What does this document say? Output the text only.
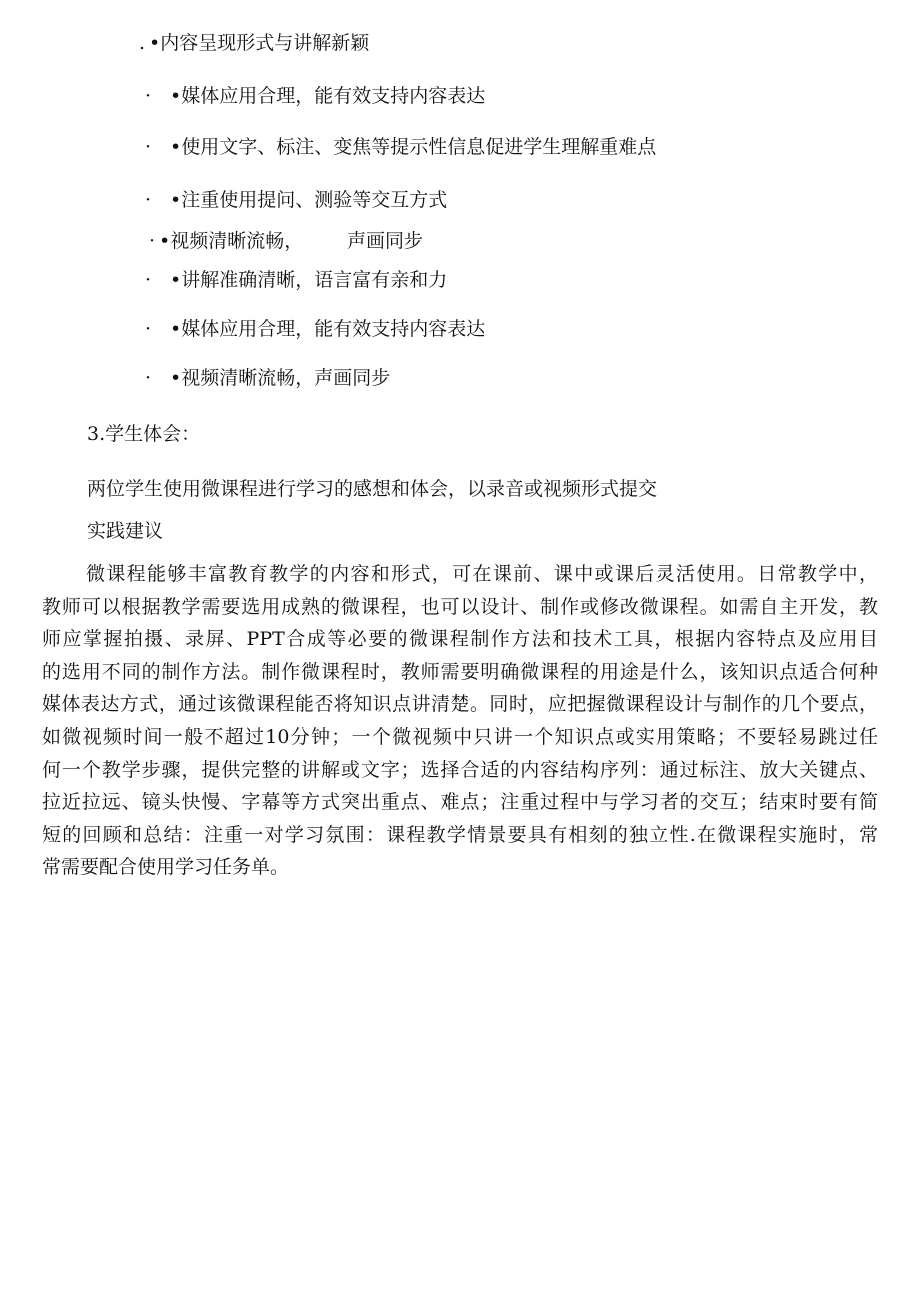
. •内容呈现形式与讲解新颖
· •媒体应用合理，能有效支持内容表达
· •使用文字、标注、变焦等提示性信息促进学生理解重难点
· •注重使用提问、测验等交互方式
· •视频清晰流畅， 声画同步
· •讲解准确清晰，语言富有亲和力
· •媒体应用合理，能有效支持内容表达
· •视频清晰流畅，声画同步
3.学生体会：
两位学生使用微课程进行学习的感想和体会，以录音或视频形式提交
实践建议
微课程能够丰富教育教学的内容和形式，可在课前、课中或课后灵活使用。日常教学中，
教师可以根据教学需要选用成熟的微课程，也可以设计、制作或修改微课程。如需自主开发，教
师应掌握拍摄、录屏、PPT合成等必要的微课程制作方法和技术工具，根据内容特点及应用目
的选用不同的制作方法。制作微课程时，教师需要明确微课程的用途是什么，该知识点适合何种
媒体表达方式，通过该微课程能否将知识点讲清楚。同时，应把握微课程设计与制作的几个要点，
如微视频时间一般不超过10分钟；一个微视频中只讲一个知识点或实用策略；不要轻易跳过任
何一个教学步骤，提供完整的讲解或文字；选择合适的内容结构序列：通过标注、放大关键点、
拉近拉远、镜头快慢、字幕等方式突出重点、难点；注重过程中与学习者的交互；结束时要有简
短的回顾和总结：注重一对学习氛围：课程教学情景要具有相刻的独立性.在微课程实施时，常
常需要配合使用学习任务单。
